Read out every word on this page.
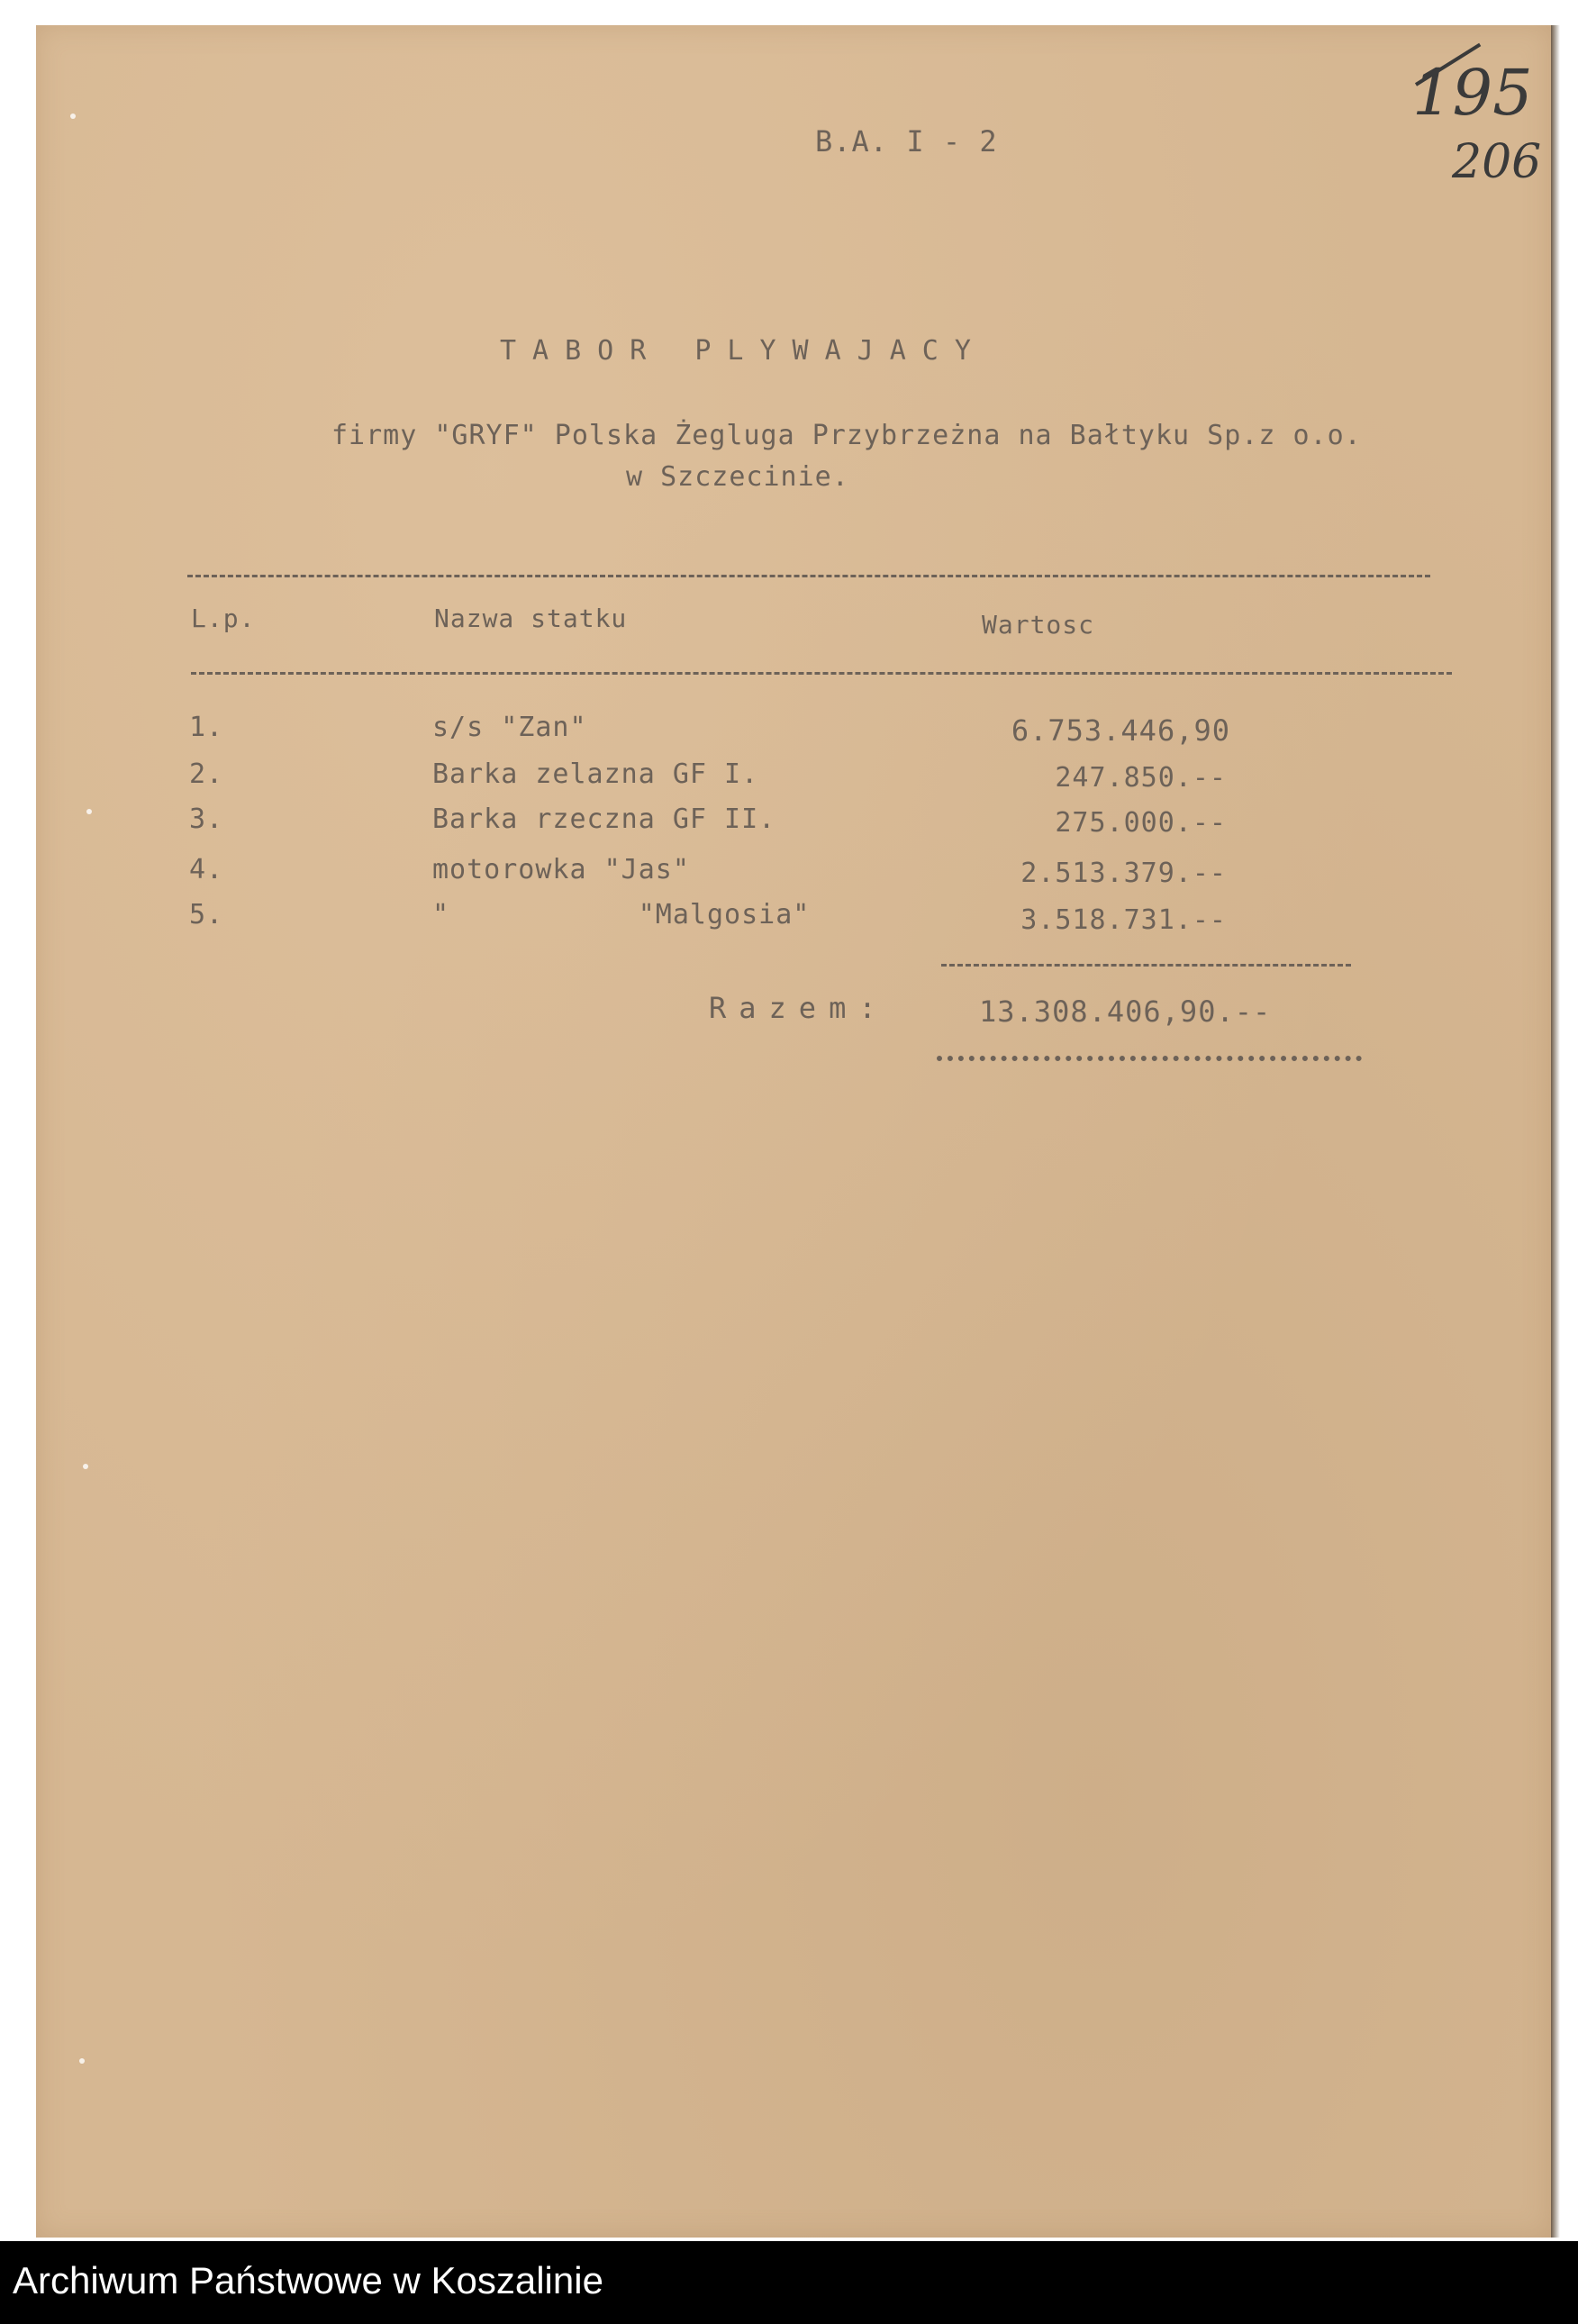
B.A. I - 2
195
206
TABOR PLYWAJACY
firmy "GRYF" Polska Żegluga Przybrzeżna na Bałtyku Sp.z o.o.
w Szczecinie.
L.p.	Nazwa statku	Wartosc
1.	s/s "Zan"	6.753.446,90
2.	Barka zelazna GF I.	247.850.--
3.	Barka rzeczna GF II.	275.000.--
4.	motorowka "Jas"	2.513.379.--
5.	"           "Malgosia"	3.518.731.--
Razem:	13.308.406,90.--
Archiwum Państwowe w Koszalinie
